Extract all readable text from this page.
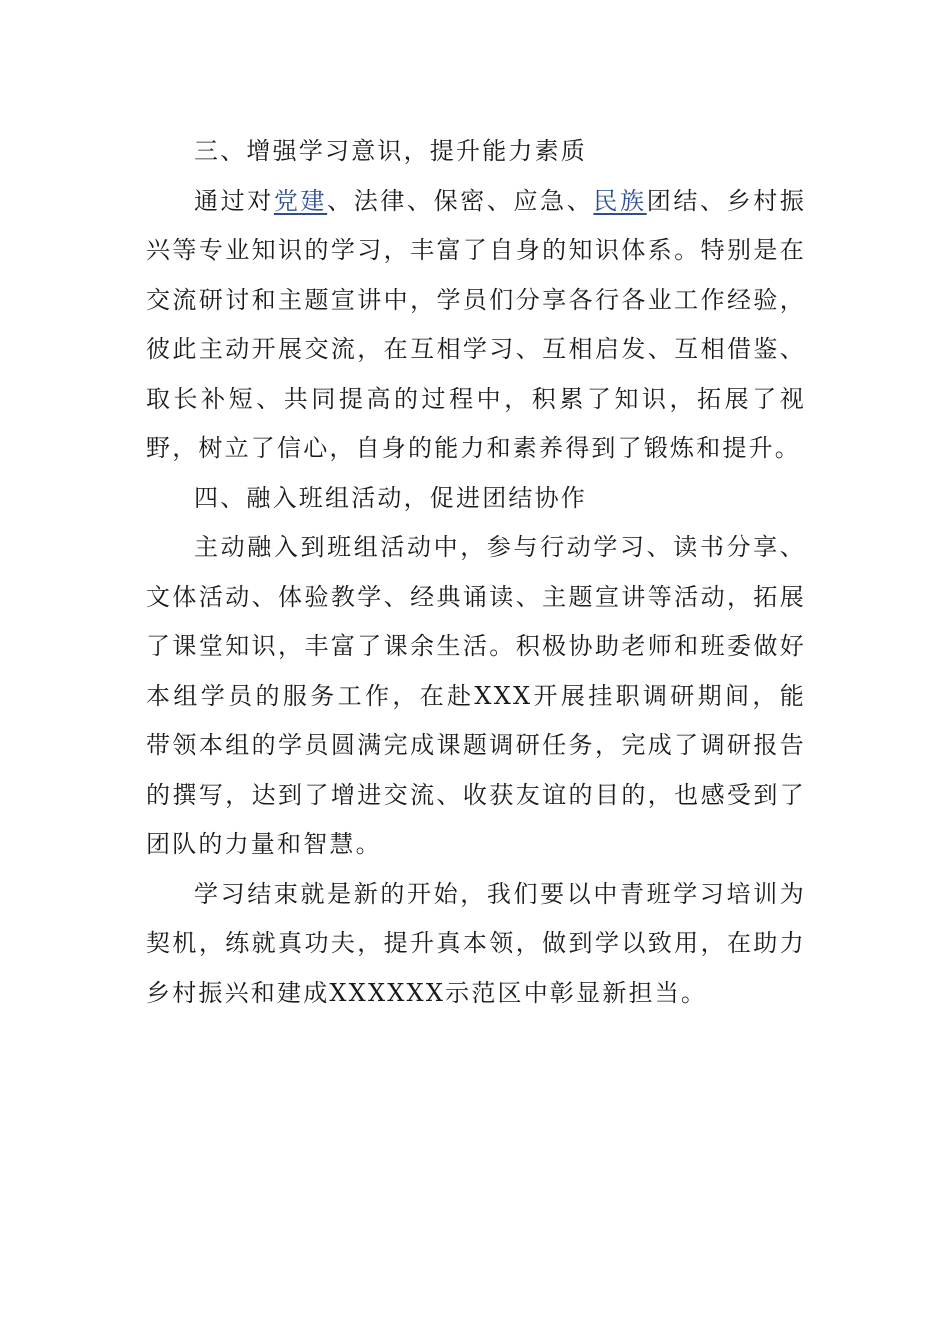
三、增强学习意识，提升能力素质

通过对党建、法律、保密、应急、民族团结、乡村振兴等专业知识的学习，丰富了自身的知识体系。特别是在交流研讨和主题宣讲中，学员们分享各行各业工作经验，彼此主动开展交流，在互相学习、互相启发、互相借鉴、取长补短、共同提高的过程中，积累了知识，拓展了视野，树立了信心，自身的能力和素养得到了锻炼和提升。

四、融入班组活动，促进团结协作

主动融入到班组活动中，参与行动学习、读书分享、文体活动、体验教学、经典诵读、主题宣讲等活动，拓展了课堂知识，丰富了课余生活。积极协助老师和班委做好本组学员的服务工作，在赴XXX开展挂职调研期间，能带领本组的学员圆满完成课题调研任务，完成了调研报告的撰写，达到了增进交流、收获友谊的目的，也感受到了团队的力量和智慧。

学习结束就是新的开始，我们要以中青班学习培训为契机，练就真功夫，提升真本领，做到学以致用，在助力乡村振兴和建成XXXXXX示范区中彰显新担当。
